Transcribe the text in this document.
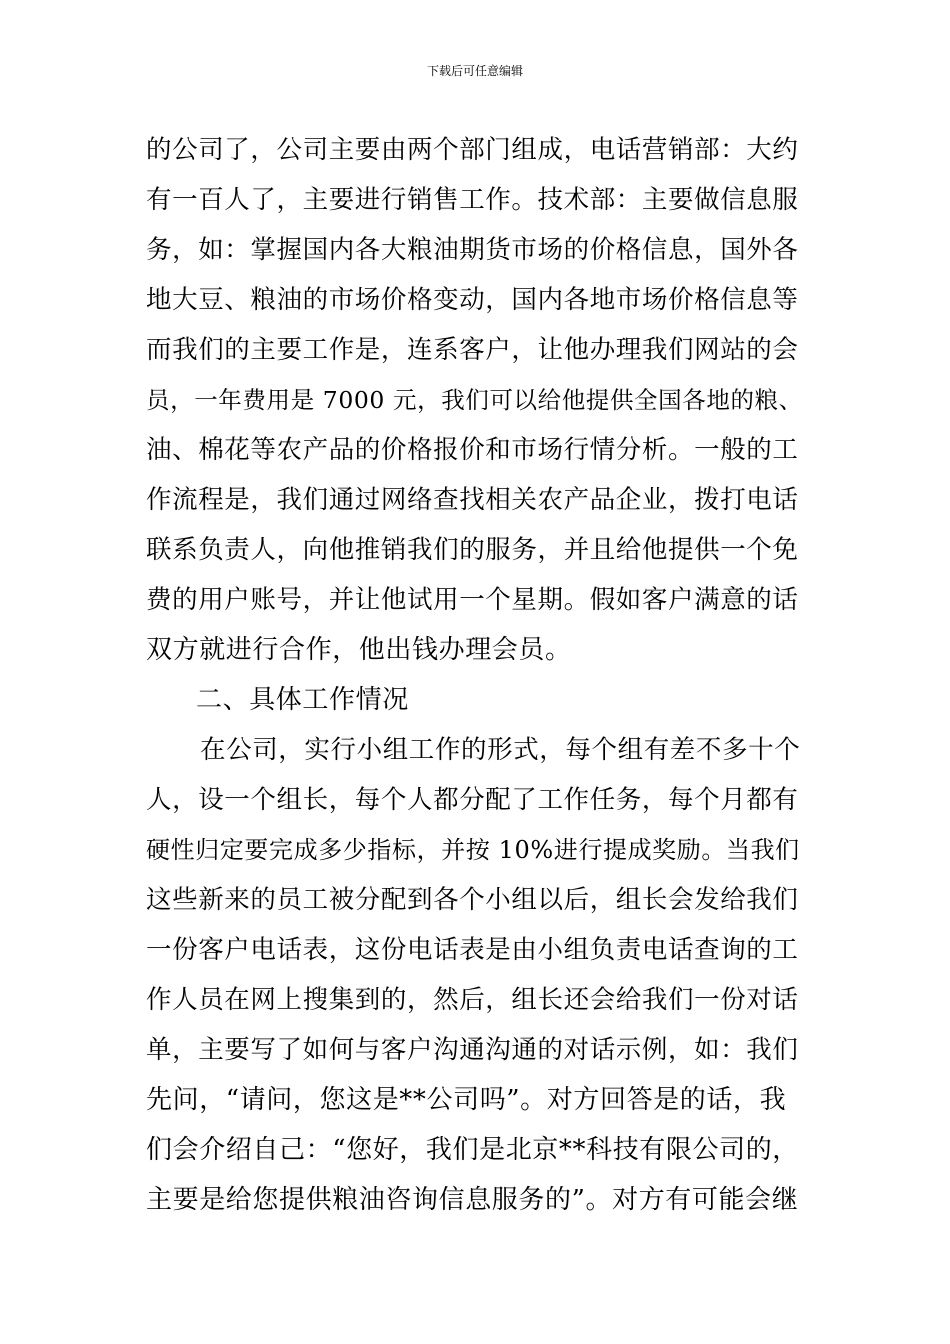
下载后可任意编辑
的公司了，公司主要由两个部门组成，电话营销部：大约
有一百人了，主要进行销售工作。技术部：主要做信息服
务，如：掌握国内各大粮油期货市场的价格信息，国外各
地大豆、粮油的市场价格变动，国内各地市场价格信息等
而我们的主要工作是，连系客户，让他办理我们网站的会
员，一年费用是 7000 元，我们可以给他提供全国各地的粮、
油、棉花等农产品的价格报价和市场行情分析。一般的工
作流程是，我们通过网络查找相关农产品企业，拨打电话
联系负责人，向他推销我们的服务，并且给他提供一个免
费的用户账号，并让他试用一个星期。假如客户满意的话
双方就进行合作，他出钱办理会员。
二、具体工作情况
在公司，实行小组工作的形式，每个组有差不多十个
人，设一个组长，每个人都分配了工作任务，每个月都有
硬性归定要完成多少指标，并按 10%进行提成奖励。当我们
这些新来的员工被分配到各个小组以后，组长会发给我们
一份客户电话表，这份电话表是由小组负责电话查询的工
作人员在网上搜集到的，然后，组长还会给我们一份对话
单，主要写了如何与客户沟通沟通的对话示例，如：我们
先问，“请问，您这是**公司吗”。对方回答是的话，我
们会介绍自己：“您好，我们是北京**科技有限公司的，
主要是给您提供粮油咨询信息服务的”。对方有可能会继
